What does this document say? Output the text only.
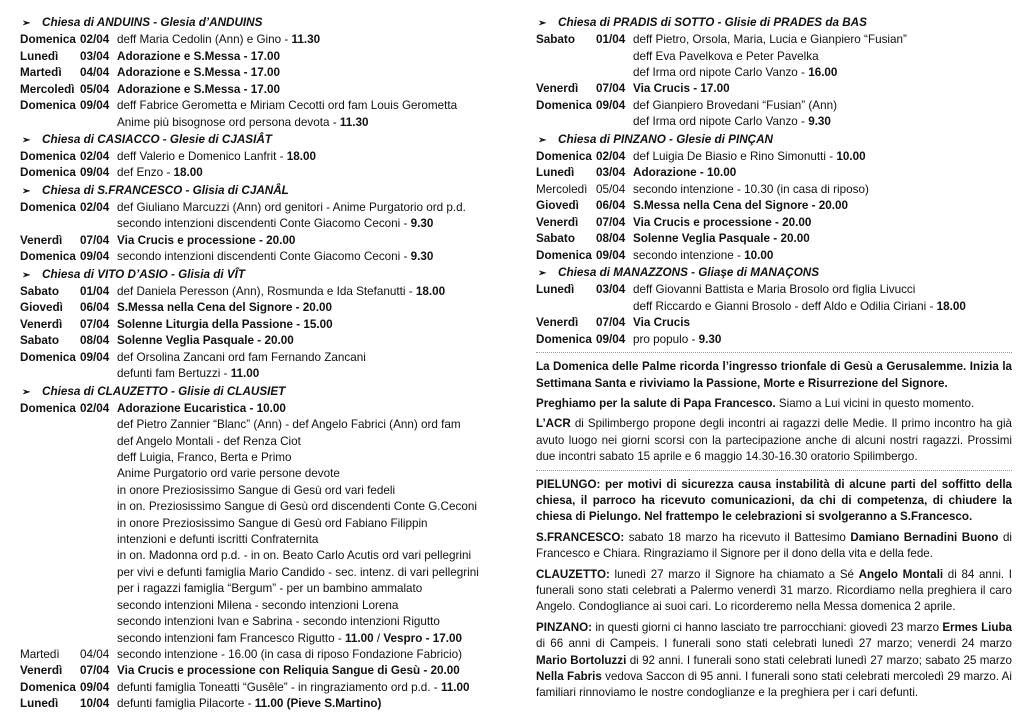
➢ Chiesa di ANDUINS - Glesia d’ANDUINS
Domenica 02/04 deff Maria Cedolin (Ann) e Gino - 11.30
Lunedì	03/04 Adorazione e S.Messa - 17.00
Martedì	04/04 Adorazione e S.Messa - 17.00
Mercoledì 05/04 Adorazione e S.Messa - 17.00
Domenica 09/04 deff Fabrice Gerometta e Miriam Cecotti ord fam Louis Gerometta
Anime più bisognose ord persona devota - 11.30
➢ Chiesa di CASIACCO - Glesie di CJASIÂT
Domenica 02/04 deff Valerio e Domenico Lanfrit - 18.00
Domenica 09/04 def Enzo - 18.00
➢ Chiesa di S.FRANCESCO - Glisia di CJANÂL
Domenica 02/04 def Giuliano Marcuzzi (Ann) ord genitori - Anime Purgatorio ord p.d.
secondo intenzioni discendenti Conte Giacomo Ceconi - 9.30
Venerdì	07/04 Via Crucis e processione - 20.00
Domenica 09/04 secondo intenzioni discendenti Conte Giacomo Ceconi - 9.30
➢ Chiesa di VITO D’ASIO - Glisia di VÎT
Sabato	01/04 def Daniela Peresson (Ann), Rosmunda e Ida Stefanutti - 18.00
Giovedì	06/04 S.Messa nella Cena del Signore - 20.00
Venerdì	07/04 Solenne Liturgia della Passione - 15.00
Sabato	08/04 Solenne Veglia Pasquale - 20.00
Domenica 09/04 def Orsolina Zancani ord fam Fernando Zancani
defunti fam Bertuzzi - 11.00
➢ Chiesa di CLAUZETTO - Glisie di CLAUSIET
Domenica 02/04 Adorazione Eucaristica - 10.00
def Pietro Zannier “Blanc” (Ann) - def Angelo Fabrici (Ann) ord fam
def Angelo Montali - def Renza Ciot
deff Luigia, Franco, Berta e Primo
Anime Purgatorio ord varie persone devote
in onore Preziosissimo Sangue di Gesù ord vari fedeli
in on. Preziosissimo Sangue di Gesù ord discendenti Conte G.Ceconi
in onore Preziosissimo Sangue di Gesù ord Fabiano Filippin
intenzioni e defunti iscritti Confraternita
in on. Madonna ord p.d. - in on. Beato Carlo Acutis ord vari pellegrini
per vivi e defunti famiglia Mario Candido - sec. intenz. di vari pellegrini
per i ragazzi famiglia “Bergum” - per un bambino ammalato
secondo intenzioni Milena - secondo intenzioni Lorena
secondo intenzioni Ivan e Sabrina - secondo intenzioni Rigutto
secondo intenzioni fam Francesco Rigutto - 11.00 / Vespro - 17.00
Martedì	04/04 secondo intenzione - 16.00 (in casa di riposo Fondazione Fabricio)
Venerdì	07/04 Via Crucis e processione con Reliquia Sangue di Gesù - 20.00
Domenica 09/04 defunti famiglia Toneatti “Gusêle” - in ringraziamento ord p.d. - 11.00
Lunedì	10/04 defunti famiglia Pilacorte - 11.00 (Pieve S.Martino)
➢ Chiesa di PRADIS di SOTTO - Glisie di PRADES da BAS
Sabato	01/04 deff Pietro, Orsola, Maria, Lucia e Gianpiero “Fusian”
deff Eva Pavelkova e Peter Pavelka
def Irma ord nipote Carlo Vanzo - 16.00
Venerdì	07/04 Via Crucis - 17.00
Domenica 09/04 def Gianpiero Brovedani “Fusian” (Ann)
def Irma ord nipote Carlo Vanzo - 9.30
➢ Chiesa di PINZANO - Glesie di PINÇAN
Domenica 02/04 def Luigia De Biasio e Rino Simonutti - 10.00
Lunedì	03/04 Adorazione - 10.00
Mercoledì 05/04 secondo intenzione - 10.30 (in casa di riposo)
Giovedì	06/04 S.Messa nella Cena del Signore - 20.00
Venerdì	07/04 Via Crucis e processione - 20.00
Sabato	08/04 Solenne Veglia Pasquale - 20.00
Domenica 09/04 secondo intenzione - 10.00
➢ Chiesa di MANAZZONS - Gliaşe di MANAÇONS
Lunedì	03/04 deff Giovanni Battista e Maria Brosolo ord figlia Livucci
deff Riccardo e Gianni Brosolo - deff Aldo e Odilia Ciriani - 18.00
Venerdì	07/04 Via Crucis
Domenica 09/04 pro populo - 9.30

La Domenica delle Palme ricorda l’ingresso trionfale di Gesù a Gerusalemme. Inizia la Settimana Santa e riviviamo la Passione, Morte e Risurrezione del Signore.

Preghiamo per la salute di Papa Francesco. Siamo a Lui vicini in questo momento.

L’ACR di Spilimbergo propone degli incontri ai ragazzi delle Medie. Il primo incontro ha già avuto luogo nei giorni scorsi con la partecipazione anche di alcuni nostri ragazzi. Prossimi due incontri sabato 15 aprile e 6 maggio 14.30-16.30 oratorio Spilimbergo.

PIELUNGO: per motivi di sicurezza causa instabilità di alcune parti del soffitto della chiesa, il parroco ha ricevuto comunicazioni, da chi di competenza, di chiudere la chiesa di Pielungo. Nel frattempo le celebrazioni si svolgeranno a S.Francesco.

S.FRANCESCO: sabato 18 marzo ha ricevuto il Battesimo Damiano Bernadini Buono di Francesco e Chiara. Ringraziamo il Signore per il dono della vita e della fede.

CLAUZETTO: lunedì 27 marzo il Signore ha chiamato a Sé Angelo Montali di 84 anni. I funerali sono stati celebrati a Palermo venerdì 31 marzo. Ricordiamo nella preghiera il caro Angelo. Condogliance ai suoi cari. Lo ricorderemo nella Messa domenica 2 aprile.

PINZANO: in questi giorni ci hanno lasciato tre parrocchiani: giovedì 23 marzo Ermes Liuba di 66 anni di Campeis. I funerali sono stati celebrati lunedì 27 marzo; venerdì 24 marzo Mario Bortoluzzi di 92 anni. I funerali sono stati celebrati lunedì 27 marzo; sabato 25 marzo Nella Fabris vedova Saccon di 95 anni. I funerali sono stati celebrati mercoledì 29 marzo. Ai familiari rinnoviamo le nostre condoglianze e la preghiera per i cari defunti.
